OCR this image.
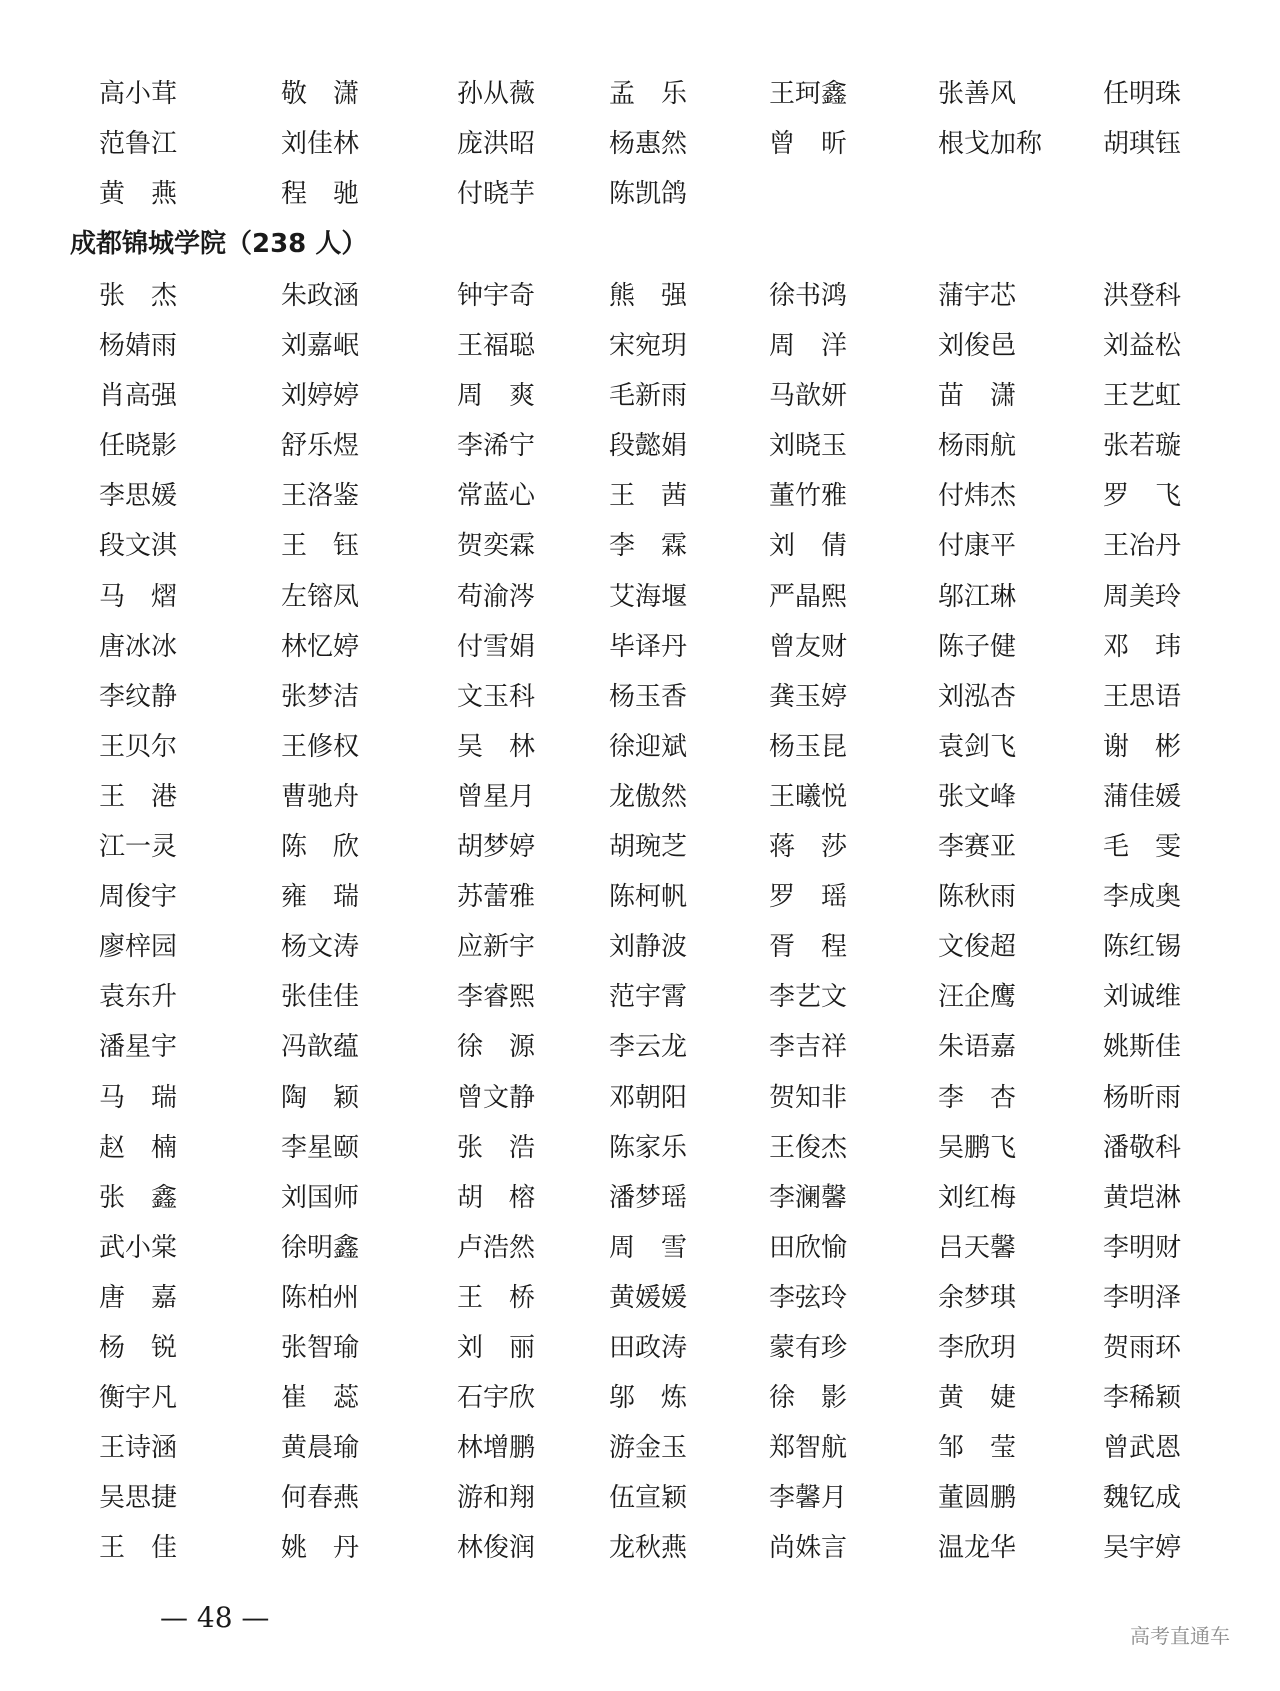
高小茸	敬　潇	孙从薇	孟　乐	王珂鑫	张善风	任明珠
范鲁江	刘佳林	庞洪昭	杨惠然	曾　昕	根戈加称	胡琪钰
黄　燕	程　驰	付晓芋	陈凯鸽
成都锦城学院（238 人）
张　杰	朱政涵	钟宇奇	熊　强	徐书鸿	蒲宇芯	洪登科
杨婧雨	刘嘉岷	王福聪	宋宛玥	周　洋	刘俊邑	刘益松
肖高强	刘婷婷	周　爽	毛新雨	马歆妍	苗　潇	王艺虹
任晓影	舒乐煜	李浠宁	段懿娟	刘晓玉	杨雨航	张若璇
李思媛	王洛鉴	常蓝心	王　茜	董竹雅	付炜杰	罗　飞
段文淇	王　钰	贺奕霖	李　霖	刘　倩	付康平	王冶丹
马　熠	左镕凤	苟渝涔	艾海堰	严晶熙	邬江琳	周美玲
唐冰冰	林忆婷	付雪娟	毕译丹	曾友财	陈子健	邓　玮
李纹静	张梦洁	文玉科	杨玉香	龚玉婷	刘泓杏	王思语
王贝尔	王修权	吴　林	徐迎斌	杨玉昆	袁剑飞	谢　彬
王　港	曹驰舟	曾星月	龙傲然	王曦悦	张文峰	蒲佳媛
江一灵	陈　欣	胡梦婷	胡琬芝	蒋　莎	李赛亚	毛　雯
周俊宇	雍　瑞	苏蕾雅	陈柯帆	罗　瑶	陈秋雨	李成奥
廖梓园	杨文涛	应新宇	刘静波	胥　程	文俊超	陈红锡
袁东升	张佳佳	李睿熙	范宇霄	李艺文	汪企鹰	刘诚维
潘星宇	冯歆蕴	徐　源	李云龙	李吉祥	朱语嘉	姚斯佳
马　瑞	陶　颖	曾文静	邓朝阳	贺知非	李　杏	杨昕雨
赵　楠	李星颐	张　浩	陈家乐	王俊杰	吴鹏飞	潘敬科
张　鑫	刘国师	胡　榕	潘梦瑶	李澜馨	刘红梅	黄垲淋
武小棠	徐明鑫	卢浩然	周　雪	田欣愉	吕天馨	李明财
唐　嘉	陈柏州	王　桥	黄媛媛	李弦玲	余梦琪	李明泽
杨　锐	张智瑜	刘　丽	田政涛	蒙有珍	李欣玥	贺雨环
衡宇凡	崔　蕊	石宇欣	邬　炼	徐　影	黄　婕	李稀颖
王诗涵	黄晨瑜	林增鹏	游金玉	郑智航	邹　莹	曾武恩
吴思捷	何春燕	游和翔	伍宣颖	李馨月	董圆鹏	魏钇成
王　佳	姚　丹	林俊润	龙秋燕	尚姝言	温龙华	吴宇婷
— 48 —
高考直通车
